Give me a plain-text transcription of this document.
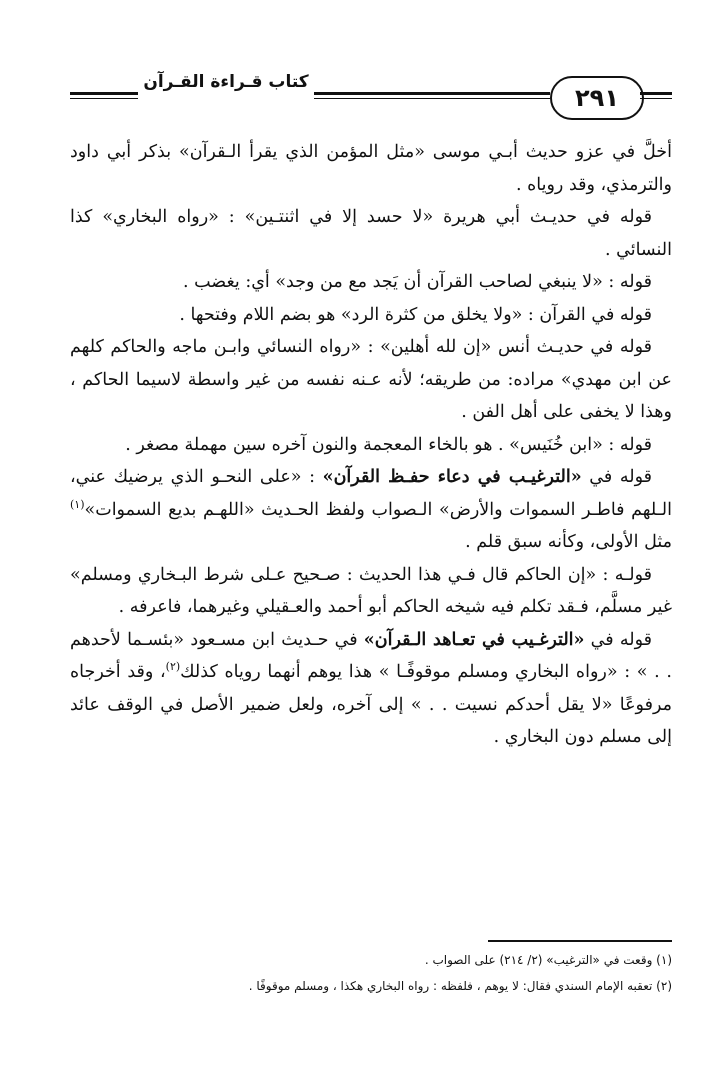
كتاب قـراءة القـرآن
٢٩١

أخلَّ في عزو حديث أبـي موسى «مثل المؤمن الذي يقرأ الـقرآن» بذكر أبي داود والترمذي، وقد روياه .

قوله في حديـث أبي هريرة «لا حسد إلا في اثنتـين» : «رواه البخاري» كذا النسائي .

قوله : «لا ينبغي لصاحب القرآن أن يَجد مع من وجد» أي: يغضب .

قوله في القرآن : «ولا يخلق من كثرة الرد» هو بضم اللام وفتحها .

قوله في حديـث أنس «إن لله أهلين» : «رواه النسائي وابـن ماجه والحاكم كلهم عن ابن مهدي» مراده: من طريقه؛ لأنه عـنه نفسه من غير واسطة لاسيما الحاكم ، وهذا لا يخفى على أهل الفن .

قوله : «ابن خُنَيس» . هو بالخاء المعجمة والنون آخره سين مهملة مصغر .

قوله في «الترغيـب في دعاء حفـظ القرآن» : «على النحـو الذي يرضيك عني، الـلهم فاطـر السموات والأرض» الـصواب ولفظ الحـديث «اللهـم بديع السموات»$^{(١)}$ مثل الأولى، وكأنه سبق قلم .

قولـه : «إن الحاكم قال فـي هذا الحديث : صـحيح عـلى شرط البـخاري ومسلم» غير مسلَّم، فـقد تكلم فيه شيخه الحاكم أبو أحمد والعـقيلي وغيرهما، فاعرفه .

قوله في «الترغـيب في تعـاهد الـقرآن» في حـديث ابن مسـعود «بئسـما لأحدهم . . » : «رواه البخاري ومسلم موقوفًـا » هذا يوهم أنهما روياه كذلك$^{(٢)}$، وقد أخرجاه مرفوعًا «لا يقل أحدكم نسيت . . » إلى آخره، ولعل ضمير الأصل في الوقف عائد إلى مسلم دون البخاري .

(١) وقعت في «الترغيب» (٢/ ٢١٤) على الصواب .

(٢) تعقبه الإمام السندي فقال: لا يوهم ، فلفظه : رواه البخاري هكذا ، ومسلم موقوفًا .
